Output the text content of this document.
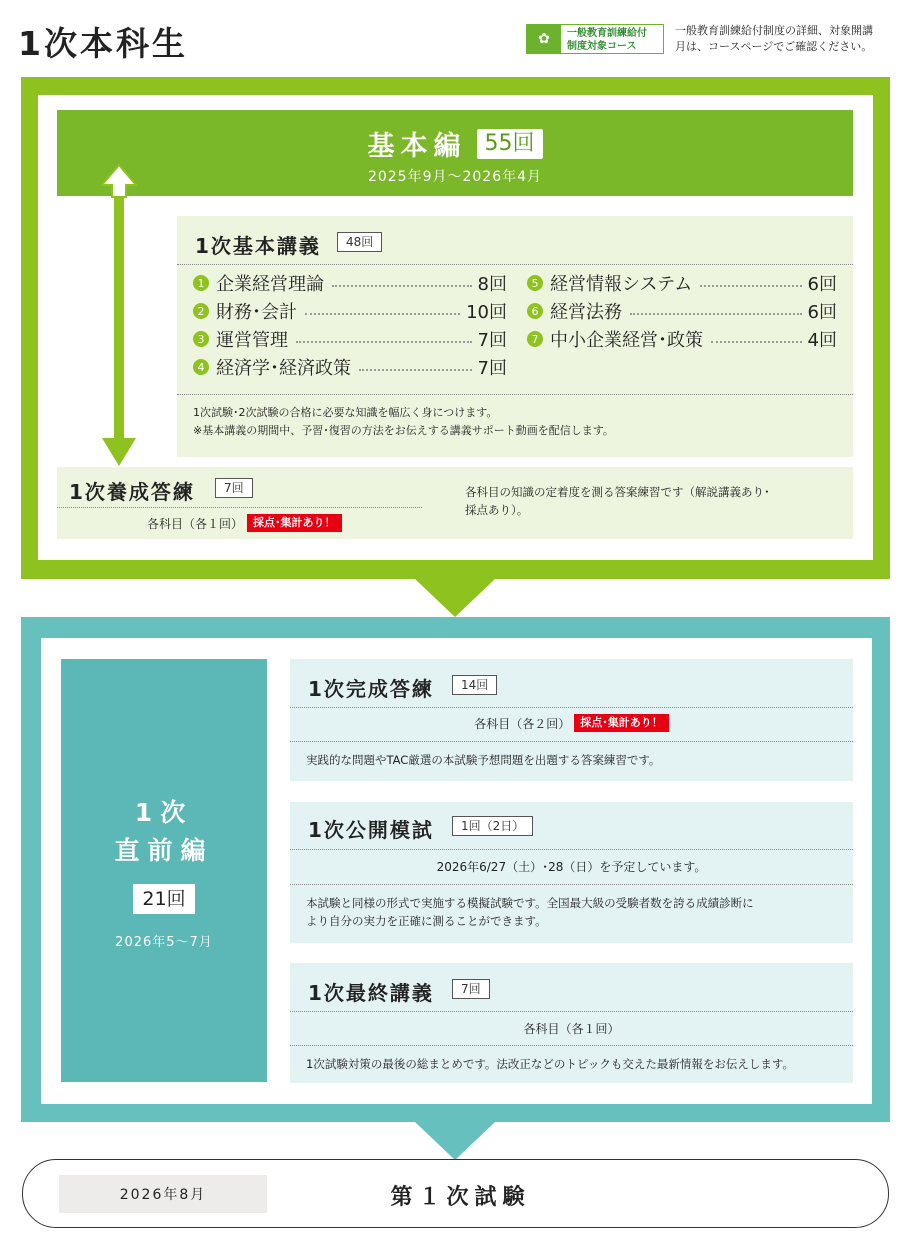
1次本科生	✿	一般教育訓練給付
制度対象コース
一般教育訓練給付制度の詳細、対象開講
月は、コースページでご確認ください。
基本編 55回
2025年9月～2026年4月
1次基本講義	48回
1 企業経営理論	8回
2 財務･会計	10回
3 運営管理	7回
4 経済学･経済政策	7回
5 経営情報システム	6回
6 経営法務	6回
7 中小企業経営･政策	4回
1次試験･2次試験の合格に必要な知識を幅広く身につけます。
※基本講義の期間中、予習･復習の方法をお伝えする講義サポート動画を配信します。
1次養成答練	7回
各科目（各１回） 採点･集計あり！
各科目の知識の定着度を測る答案練習です（解説講義あり･
採点あり）。
1次
直前編
21回
2026年5～7月
1次完成答練	14回
各科目（各２回） 採点･集計あり！
実践的な問題やTAC厳選の本試験予想問題を出題する答案練習です。
1次公開模試	1回（2日）
2026年6/27（土）･28（日）を予定しています。
本試験と同様の形式で実施する模擬試験です。全国最大級の受験者数を誇る成績診断に
より自分の実力を正確に測ることができます。
1次最終講義	7回
各科目（各１回）
1次試験対策の最後の総まとめです。法改正などのトピックも交えた最新情報をお伝えします。
2026年8月	第１次試験
